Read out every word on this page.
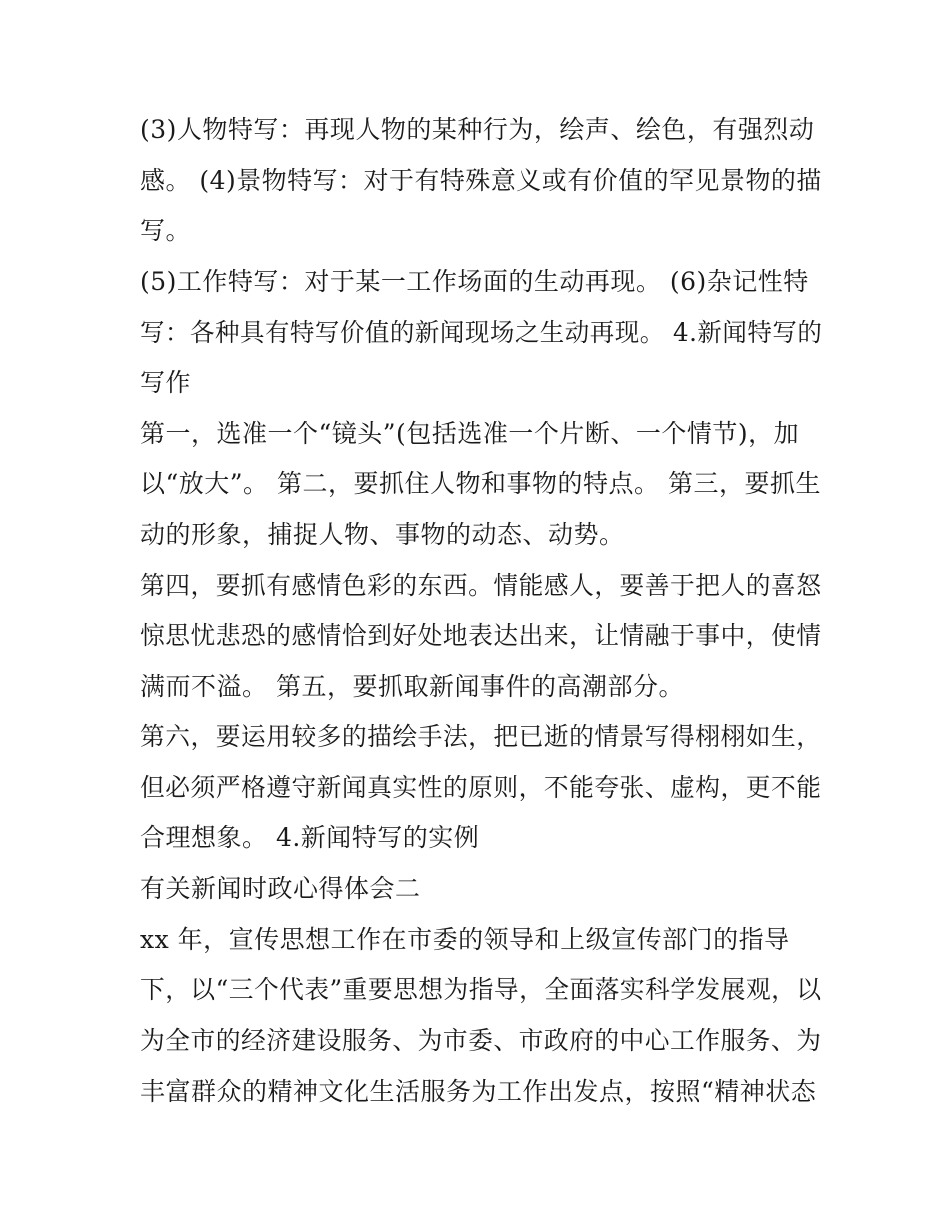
(3)人物特写：再现人物的某种行为，绘声、绘色，有强烈动
感。 (4)景物特写：对于有特殊意义或有价值的罕见景物的描
写。
(5)工作特写：对于某一工作场面的生动再现。 (6)杂记性特
写：各种具有特写价值的新闻现场之生动再现。 4.新闻特写的
写作
第一，选准一个“镜头”(包括选准一个片断、一个情节)，加
以“放大”。 第二，要抓住人物和事物的特点。 第三，要抓生
动的形象，捕捉人物、事物的动态、动势。
第四，要抓有感情色彩的东西。情能感人，要善于把人的喜怒
惊思忧悲恐的感情恰到好处地表达出来，让情融于事中，使情
满而不溢。 第五，要抓取新闻事件的高潮部分。
第六，要运用较多的描绘手法，把已逝的情景写得栩栩如生，
但必须严格遵守新闻真实性的原则，不能夸张、虚构，更不能
合理想象。 4.新闻特写的实例
有关新闻时政心得体会二
xx 年，宣传思想工作在市委的领导和上级宣传部门的指导
下，以“三个代表”重要思想为指导，全面落实科学发展观，以
为全市的经济建设服务、为市委、市政府的中心工作服务、为
丰富群众的精神文化生活服务为工作出发点，按照“精神状态
